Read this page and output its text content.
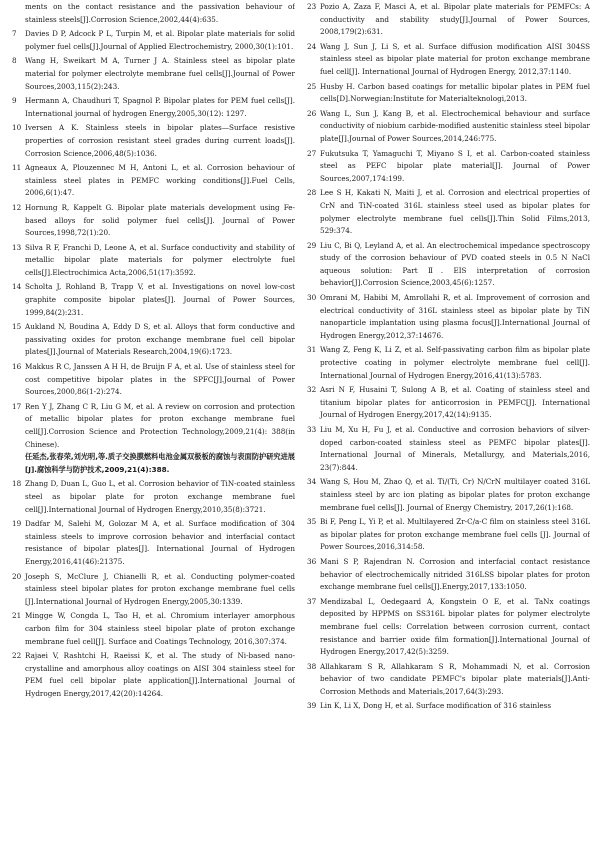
ments on the contact resistance and the passivation behaviour of stainless steels[J].Corrosion Science,2002,44(4):635.

7 Davies D P, Adcock P L, Turpin M, et al. Bipolar plate materials for solid polymer fuel cells[J].Journal of Applied Electrochemistry, 2000,30(1):101.

8 Wang H, Sweikart M A, Turner J A. Stainless steel as bipolar plate material for polymer electrolyte membrane fuel cells[J].Journal of Power Sources,2003,115(2):243.

9 Hermann A, Chaudhuri T, Spagnol P. Bipolar plates for PEM fuel cells[J]. International journal of hydrogen Energy,2005,30(12): 1297.

10 Iversen A K. Stainless steels in bipolar plates—Surface resistive properties of corrosion resistant steel grades during current loads[J]. Corrosion Science,2006,48(5):1036.

11 Agneaux A, Plouzennec M H, Antoni L, et al. Corrosion behaviour of stainless steel plates in PEMFC working conditions[J].Fuel Cells, 2006,6(1):47.

12 Hornung R, Kappelt G. Bipolar plate materials development using Fe-based alloys for solid polymer fuel cells[J]. Journal of Power Sources,1998,72(1):20.

13 Silva R F, Franchi D, Leone A, et al. Surface conductivity and stability of metallic bipolar plate materials for polymer electrolyte fuel cells[J].Electrochimica Acta,2006,51(17):3592.

14 Scholta J, Rohland B, Trapp V, et al. Investigations on novel low-cost graphite composite bipolar plates[J]. Journal of Power Sources, 1999,84(2):231.

15 Aukland N, Boudina A, Eddy D S, et al. Alloys that form conductive and passivating oxides for proton exchange membrane fuel cell bipolar plates[J].Journal of Materials Research,2004,19(6):1723.

16 Makkus R C, Janssen A H H, de Bruijn F A, et al. Use of stainless steel for cost competitive bipolar plates in the SPFC[J].Journal of Power Sources,2000,86(1-2):274.

17 Ren Y J, Zhang C R, Liu G M, et al. A review on corrosion and protection of metallic bipolar plates for proton exchange membrane fuel cell[J].Corrosion Science and Protection Technology,2009,21(4): 388(in Chinese).
任延杰,张春荣,刘光明,等.质子交换膜燃料电池金属双极板的腐蚀与表面防护研究进展[J].腐蚀科学与防护技术,2009,21(4):388.

18 Zhang D, Duan L, Guo L, et al. Corrosion behavior of TiN-coated stainless steel as bipolar plate for proton exchange membrane fuel cell[J].International Journal of Hydrogen Energy,2010,35(8):3721.

19 Dadfar M, Salehi M, Golozar M A, et al. Surface modification of 304 stainless steels to improve corrosion behavior and interfacial contact resistance of bipolar plates[J]. International Journal of Hydrogen Energy,2016,41(46):21375.

20 Joseph S, McClure J, Chianelli R, et al. Conducting polymer-coated stainless steel bipolar plates for proton exchange membrane fuel cells [J].International Journal of Hydrogen Energy,2005,30:1339.

21 Mingge W, Congda L, Tao H, et al. Chromium interlayer amorphous carbon film for 304 stainless steel bipolar plate of proton exchange membrane fuel cell[J]. Surface and Coatings Technology, 2016,307:374.

22 Rajaei V, Rashtchi H, Raeissi K, et al. The study of Ni-based nano-crystalline and amorphous alloy coatings on AISI 304 stainless steel for PEM fuel cell bipolar plate application[J].International Journal of Hydrogen Energy,2017,42(20):14264.

23 Pozio A, Zaza F, Masci A, et al. Bipolar plate materials for PEMFCs: A conductivity and stability study[J].Journal of Power Sources, 2008,179(2):631.

24 Wang J, Sun J, Li S, et al. Surface diffusion modification AISI 304SS stainless steel as bipolar plate material for proton exchange membrane fuel cell[J]. International Journal of Hydrogen Energy, 2012,37:1140.

25 Husby H. Carbon based coatings for metallic bipolar plates in PEM fuel cells[D].Norwegian:Institute for Materialteknologi,2013.

26 Wang L, Sun J, Kang B, et al. Electrochemical behaviour and surface conductivity of niobium carbide-modified austenitic stainless steel bipolar plate[J].Journal of Power Sources,2014,246:775.

27 Fukutsuka T, Yamaguchi T, Miyano S I, et al. Carbon-coated stainless steel as PEFC bipolar plate material[J]. Journal of Power Sources,2007,174:199.

28 Lee S H, Kakati N, Maiti J, et al. Corrosion and electrical properties of CrN and TiN-coated 316L stainless steel used as bipolar plates for polymer electrolyte membrane fuel cells[J].Thin Solid Films,2013, 529:374.

29 Liu C, Bi Q, Leyland A, et al. An electrochemical impedance spectroscopy study of the corrosion behaviour of PVD coated steels in 0.5 N NaCl aqueous solution: Part Ⅱ. EIS interpretation of corrosion behavior[J].Corrosion Science,2003,45(6):1257.

30 Omrani M, Habibi M, Amrollahi R, et al. Improvement of corrosion and electrical conductivity of 316L stainless steel as bipolar plate by TiN nanoparticle implantation using plasma focus[J].International Journal of Hydrogen Energy,2012,37:14676.

31 Wang Z, Feng K, Li Z, et al. Self-passivating carbon film as bipolar plate protective coating in polymer electrolyte membrane fuel cell[J]. International Journal of Hydrogen Energy,2016,41(13):5783.

32 Asri N F, Husaini T, Sulong A B, et al. Coating of stainless steel and titanium bipolar plates for anticorrosion in PEMFC[J]. International Journal of Hydrogen Energy,2017,42(14):9135.

33 Liu M, Xu H, Fu J, et al. Conductive and corrosion behaviors of silver-doped carbon-coated stainless steel as PEMFC bipolar plates[J]. International Journal of Minerals, Metallurgy, and Materials,2016, 23(7):844.

34 Wang S, Hou M, Zhao Q, et al. Ti/(Ti, Cr) N/CrN multilayer coated 316L stainless steel by arc ion plating as bipolar plates for proton exchange membrane fuel cells[J]. Journal of Energy Chemistry, 2017,26(1):168.

35 Bi F, Peng L, Yi P, et al. Multilayered Zr-C/a-C film on stainless steel 316L as bipolar plates for proton exchange membrane fuel cells [J]. Journal of Power Sources,2016,314:58.

36 Mani S P, Rajendran N. Corrosion and interfacial contact resistance behavior of electrochemically nitrided 316LSS bipolar plates for proton exchange membrane fuel cells[J].Energy,2017,133:1050.

37 Mendizabal L, Oedegaard A, Kongstein O E, et al. TaNx coatings deposited by HPPMS on SS316L bipolar plates for polymer electrolyte membrane fuel cells: Correlation between corrosion current, contact resistance and barrier oxide film formation[J].International Journal of Hydrogen Energy,2017,42(5):3259.

38 Allahkaram S R, Allahkaram S R, Mohammadi N, et al. Corrosion behavior of two candidate PEMFC's bipolar plate materials[J].Anti-Corrosion Methods and Materials,2017,64(3):293.

39 Lin K, Li X, Dong H, et al. Surface modification of 316 stainless
